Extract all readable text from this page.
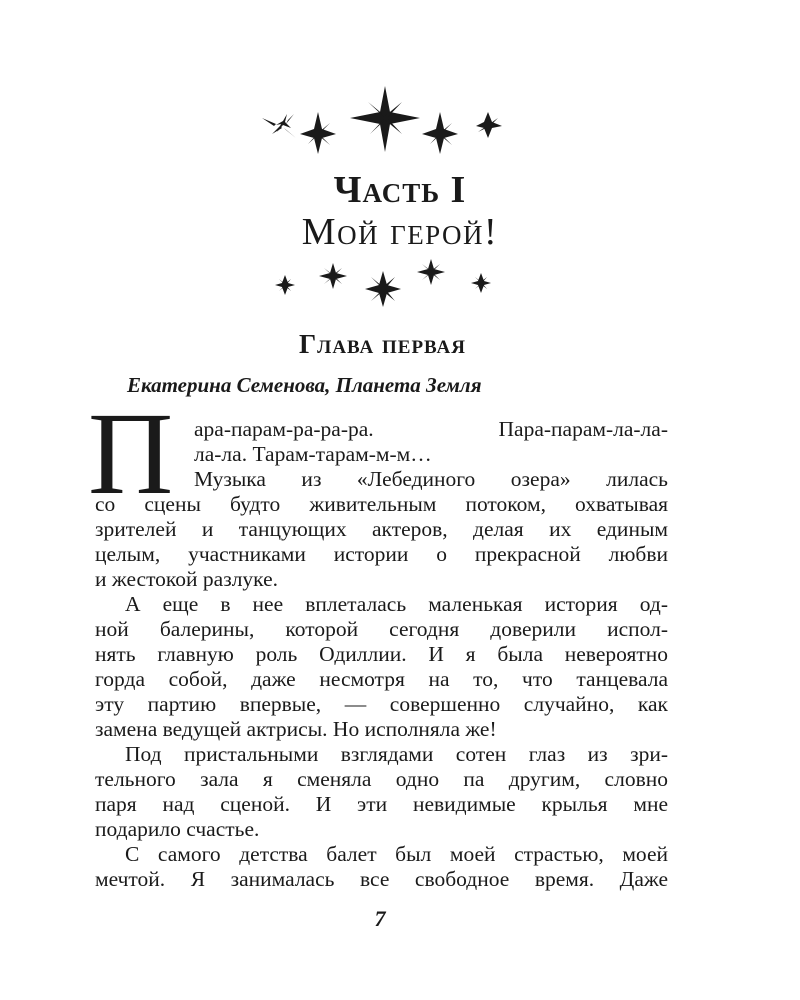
Часть I
Мой герой!
Глава первая
Екатерина Семенова, Планета Земля
П ара-парам-ра-ра-ра. Пара-парам-ла-ла-
ла-ла. Тарам-тарам-м-м…
Музыка из «Лебединого озера» лилась
со сцены будто живительным потоком, охватывая
зрителей и танцующих актеров, делая их единым
целым, участниками истории о прекрасной любви
и жестокой разлуке.
А еще в нее вплеталась маленькая история од-
ной балерины, которой сегодня доверили испол-
нять главную роль Одиллии. И я была невероятно
горда собой, даже несмотря на то, что танцевала
эту партию впервые, — совершенно случайно, как
замена ведущей актрисы. Но исполняла же!
Под пристальными взглядами сотен глаз из зри-
тельного зала я сменяла одно па другим, словно
паря над сценой. И эти невидимые крылья мне
подарило счастье.
С самого детства балет был моей страстью, моей
мечтой. Я занималась все свободное время. Даже
7
